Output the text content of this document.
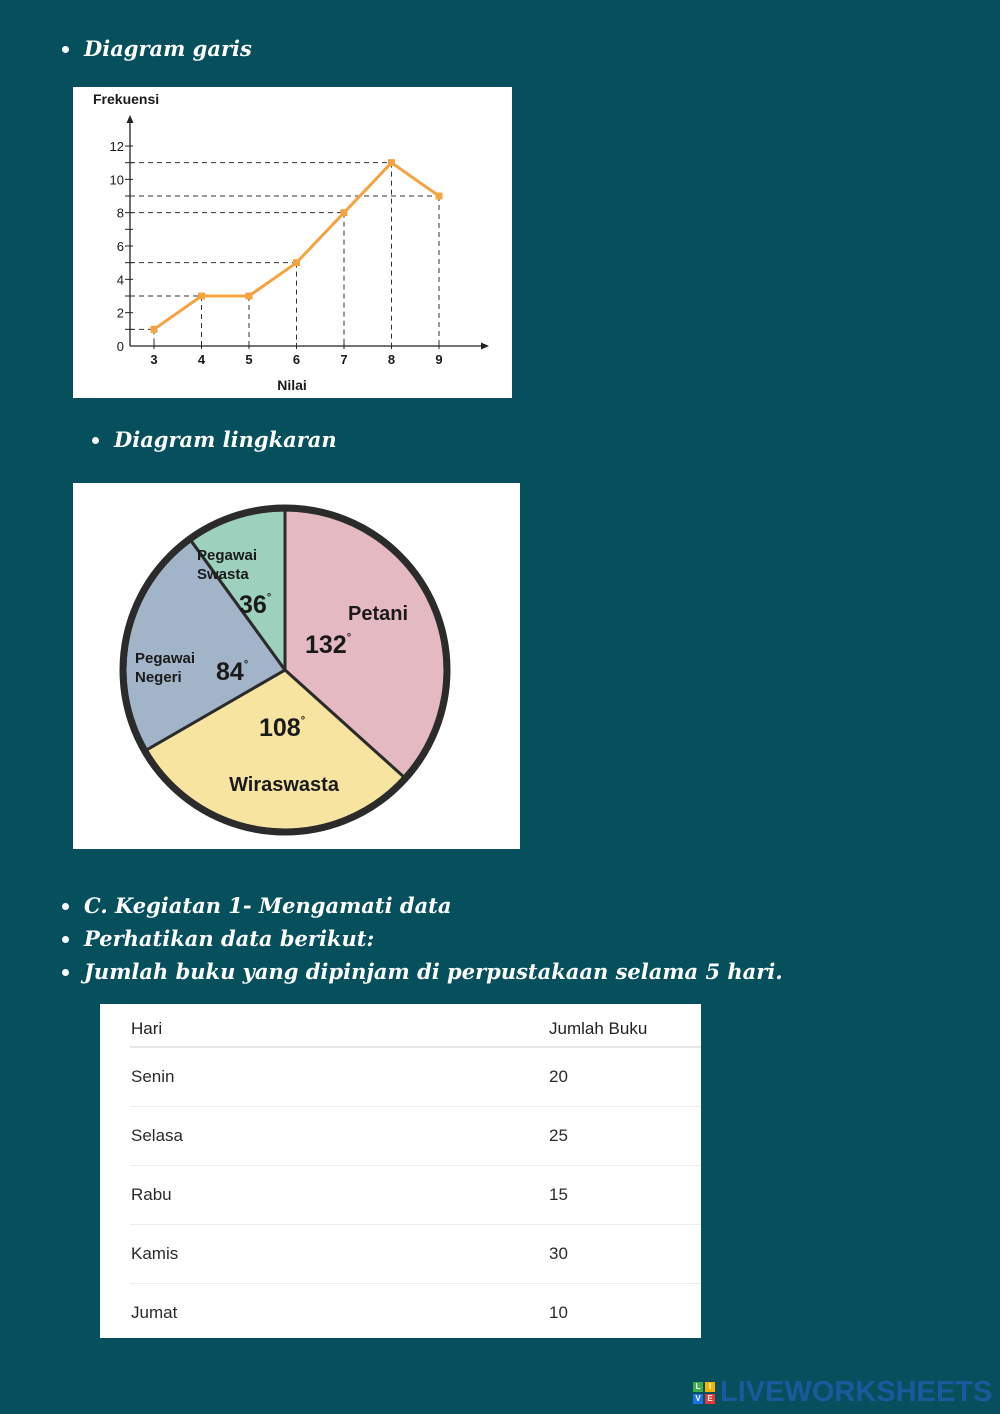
Diagram garis
0
2
4
6
8
10
12
3	4	5	6	7	8	9
Frekuensi
Nilai
Diagram lingkaran
Petani
132°
Wiraswasta
108°
Pegawai Negeri	84°
Pegawai Swasta
36°
C. Kegiatan 1- Mengamati data
Perhatikan data berikut:
Jumlah buku yang dipinjam di perpustakaan selama 5 hari.
Hari	Jumlah Buku
Senin	20
Selasa	25
Rabu	15
Kamis	30
Jumat	10
L	I
V E LIVEWORKSHEETS
